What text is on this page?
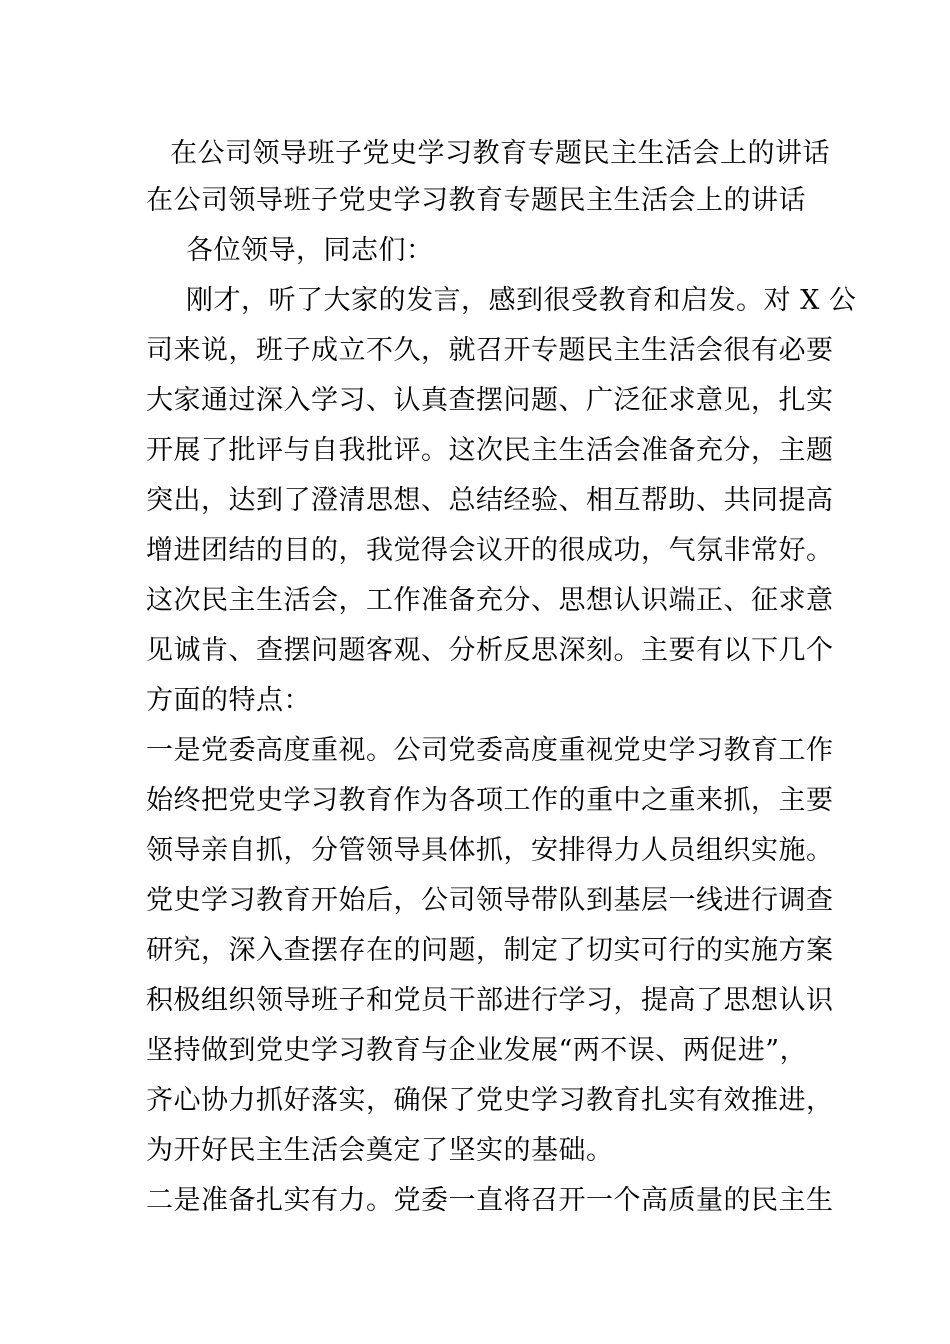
在公司领导班子党史学习教育专题民主生活会上的讲话
在公司领导班子党史学习教育专题民主生活会上的讲话
各位领导，同志们：
刚才，听了大家的发言，感到很受教育和启发。对 X 公
司来说，班子成立不久，就召开专题民主生活会很有必要
大家通过深入学习、认真查摆问题、广泛征求意见，扎实
开展了批评与自我批评。这次民主生活会准备充分，主题
突出，达到了澄清思想、总结经验、相互帮助、共同提高
增进团结的目的，我觉得会议开的很成功，气氛非常好。
这次民主生活会，工作准备充分、思想认识端正、征求意
见诚肯、查摆问题客观、分析反思深刻。主要有以下几个
方面的特点：
一是党委高度重视。公司党委高度重视党史学习教育工作
始终把党史学习教育作为各项工作的重中之重来抓，主要
领导亲自抓，分管领导具体抓，安排得力人员组织实施。
党史学习教育开始后，公司领导带队到基层一线进行调查
研究，深入查摆存在的问题，制定了切实可行的实施方案
积极组织领导班子和党员干部进行学习，提高了思想认识
坚持做到党史学习教育与企业发展“两不误、两促进”，
齐心协力抓好落实，确保了党史学习教育扎实有效推进，
为开好民主生活会奠定了坚实的基础。
二是准备扎实有力。党委一直将召开一个高质量的民主生
